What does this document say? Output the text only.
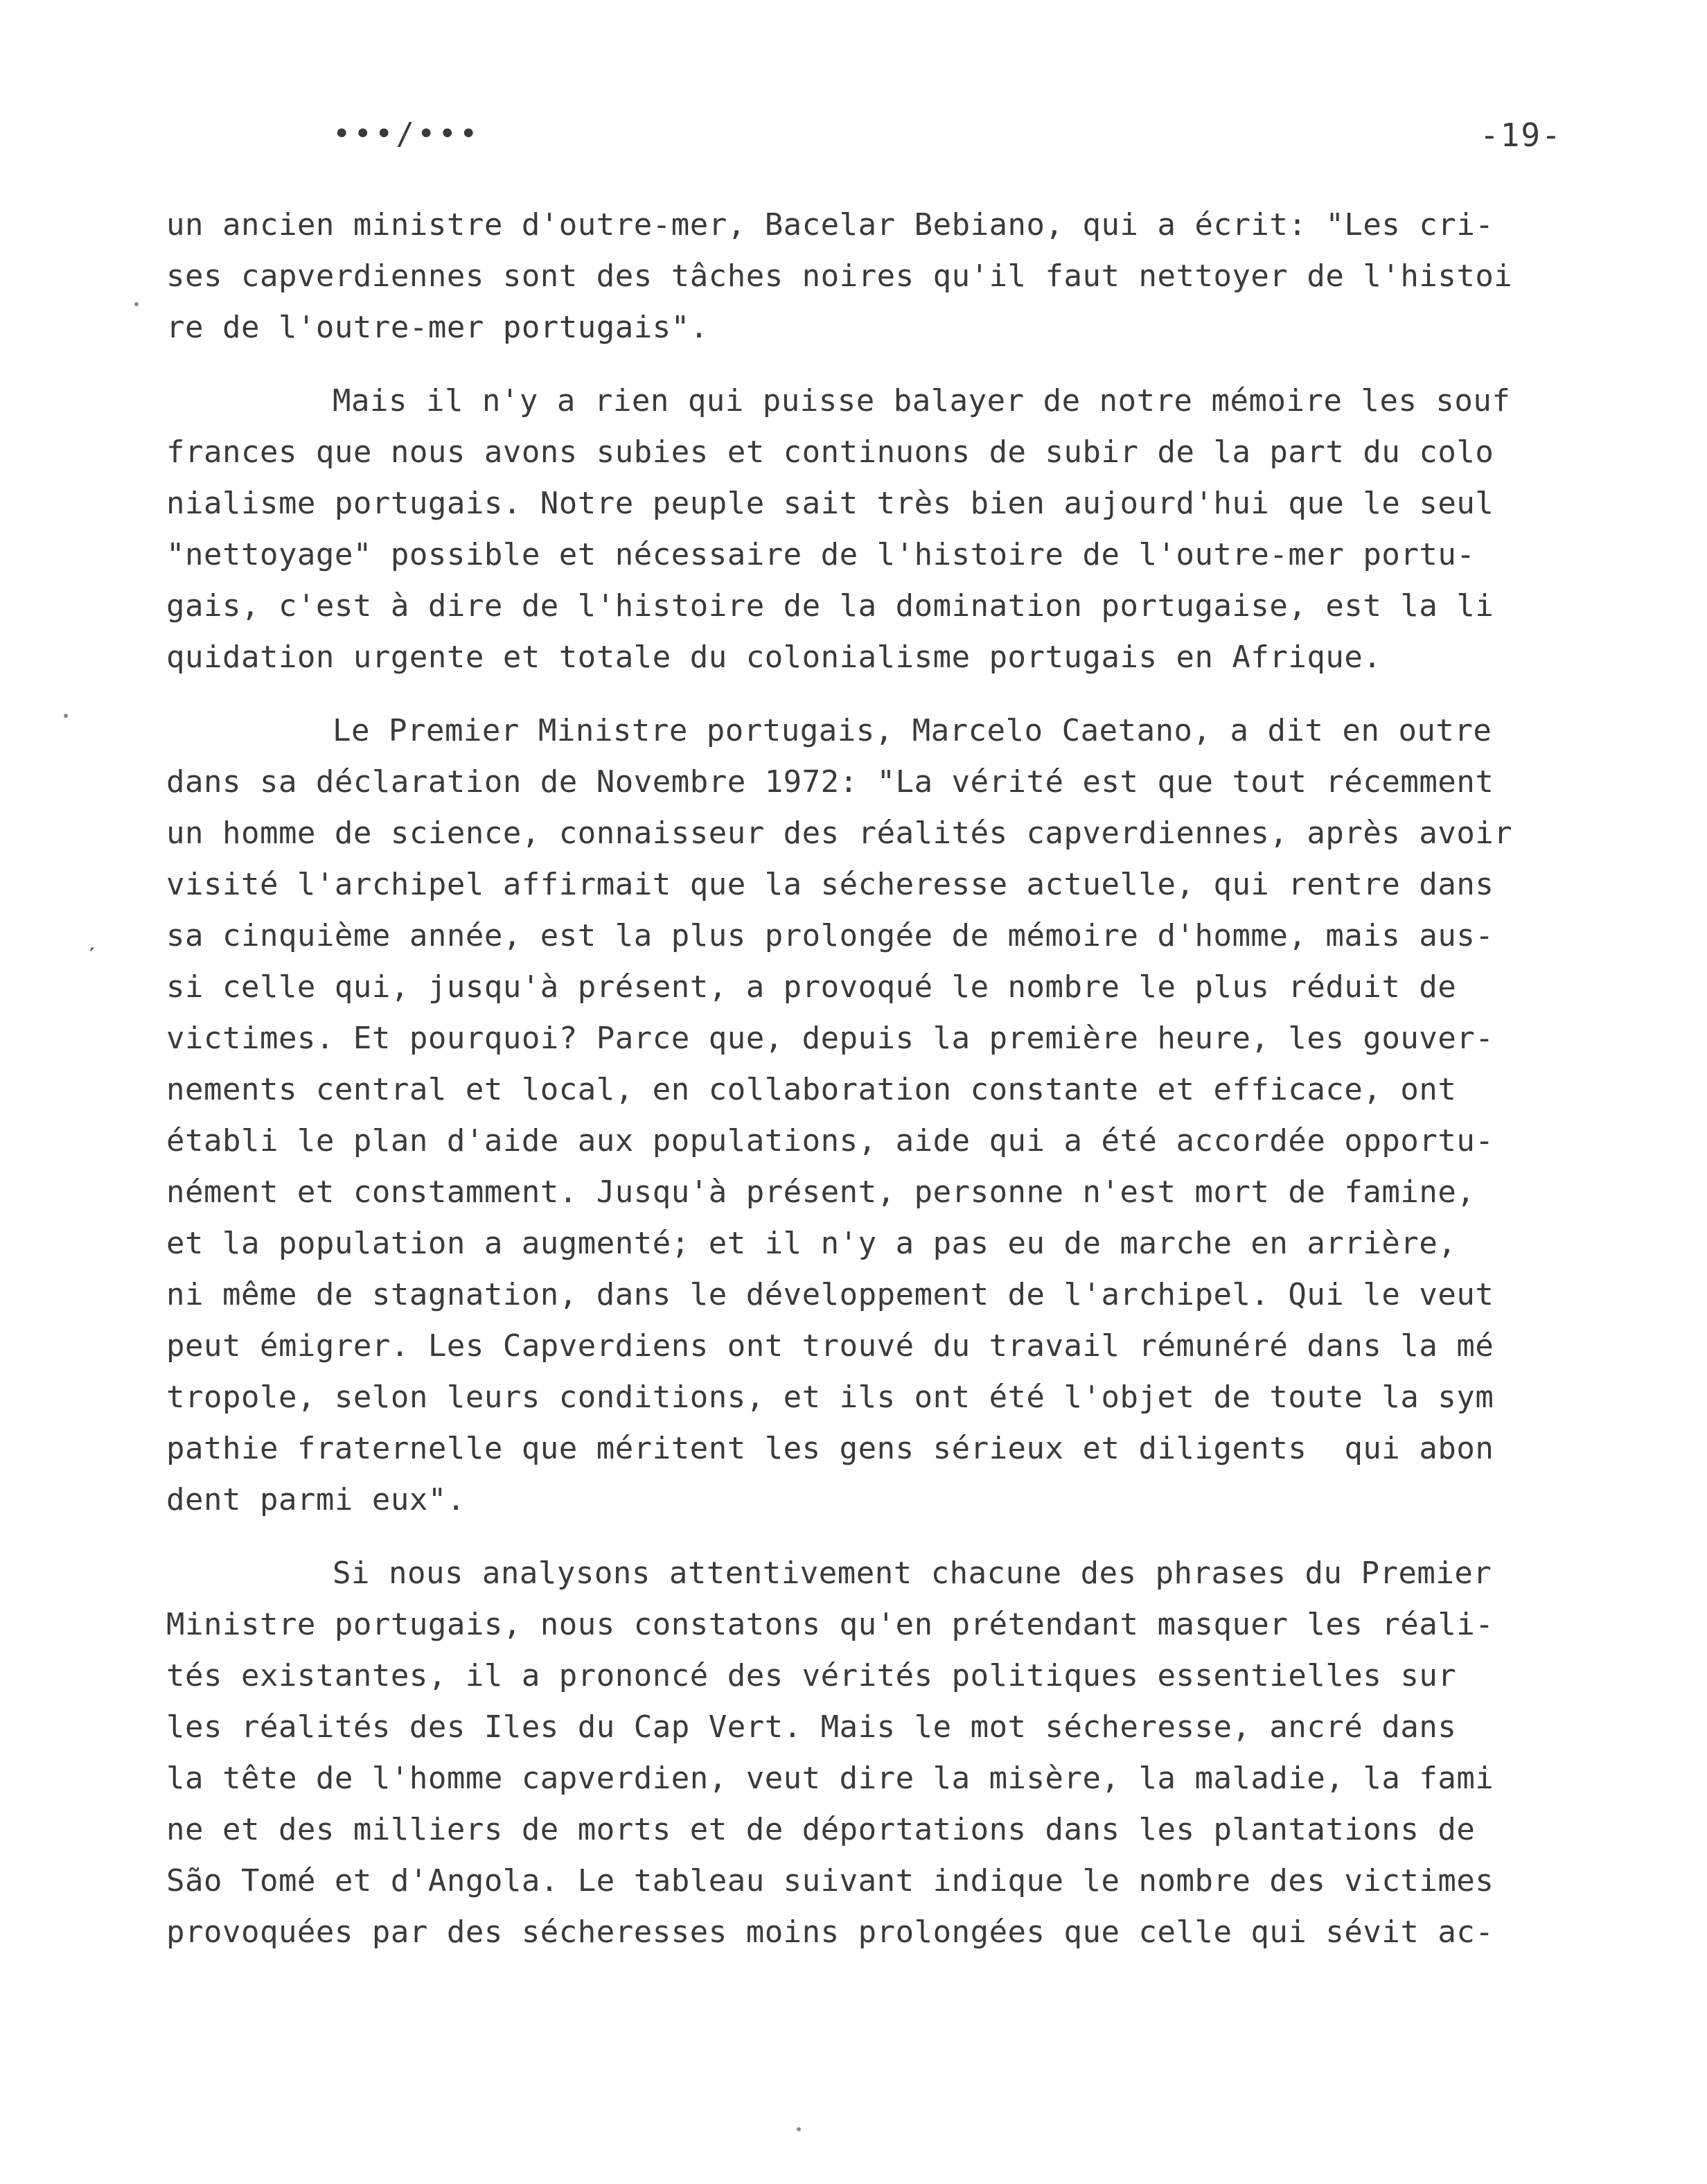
•••/•••	-19-
ˊ
un ancien ministre d'outre-mer, Bacelar Bebiano, qui a écrit: "Les cri-
ses capverdiennes sont des tâches noires qu'il faut nettoyer de l'histoi
re de l'outre-mer portugais".
Mais il n'y a rien qui puisse balayer de notre mémoire les souf
frances que nous avons subies et continuons de subir de la part du colo
nialisme portugais. Notre peuple sait très bien aujourd'hui que le seul
"nettoyage" possible et nécessaire de l'histoire de l'outre-mer portu-
gais, c'est à dire de l'histoire de la domination portugaise, est la li
quidation urgente et totale du colonialisme portugais en Afrique.
Le Premier Ministre portugais, Marcelo Caetano, a dit en outre
dans sa déclaration de Novembre 1972: "La vérité est que tout récemment
un homme de science, connaisseur des réalités capverdiennes, après avoir
visité l'archipel affirmait que la sécheresse actuelle, qui rentre dans
sa cinquième année, est la plus prolongée de mémoire d'homme, mais aus-
si celle qui, jusqu'à présent, a provoqué le nombre le plus réduit de
victimes. Et pourquoi? Parce que, depuis la première heure, les gouver-
nements central et local, en collaboration constante et efficace, ont
établi le plan d'aide aux populations, aide qui a été accordée opportu-
nément et constamment. Jusqu'à présent, personne n'est mort de famine,
et la population a augmenté; et il n'y a pas eu de marche en arrière,
ni même de stagnation, dans le développement de l'archipel. Qui le veut
peut émigrer. Les Capverdiens ont trouvé du travail rémunéré dans la mé
tropole, selon leurs conditions, et ils ont été l'objet de toute la sym
pathie fraternelle que méritent les gens sérieux et diligents  qui abon
dent parmi eux".
Si nous analysons attentivement chacune des phrases du Premier
Ministre portugais, nous constatons qu'en prétendant masquer les réali-
tés existantes, il a prononcé des vérités politiques essentielles sur
les réalités des Iles du Cap Vert. Mais le mot sécheresse, ancré dans
la tête de l'homme capverdien, veut dire la misère, la maladie, la fami
ne et des milliers de morts et de déportations dans les plantations de
São Tomé et d'Angola. Le tableau suivant indique le nombre des victimes
provoquées par des sécheresses moins prolongées que celle qui sévit ac-
